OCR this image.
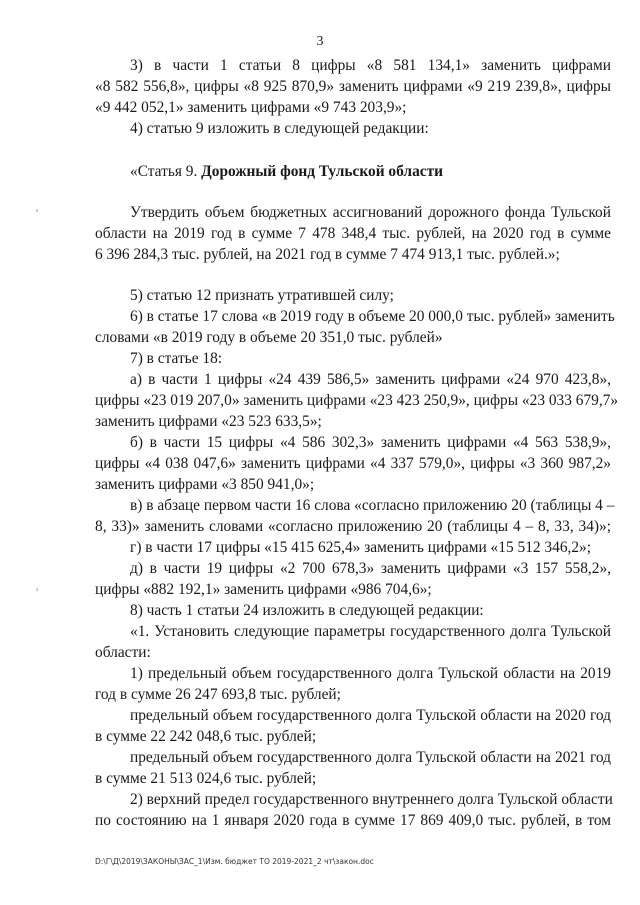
3
3) в части 1 статьи 8 цифры «8 581 134,1» заменить цифрами
«8 582 556,8», цифры «8 925 870,9» заменить цифрами «9 219 239,8», цифры
«9 442 052,1» заменить цифрами «9 743 203,9»;
4) статью 9 изложить в следующей редакции:
«Статья 9. Дорожный фонд Тульской области
Утвердить объем бюджетных ассигнований дорожного фонда Тульской
области на 2019 год в сумме 7 478 348,4 тыс. рублей, на 2020 год в сумме
6 396 284,3 тыс. рублей, на 2021 год в сумме 7 474 913,1 тыс. рублей.»;
5) статью 12 признать утратившей силу;
6) в статье 17 слова «в 2019 году в объеме 20 000,0 тыс. рублей» заменить
словами «в 2019 году в объеме 20 351,0 тыс. рублей»
7) в статье 18:
а) в части 1 цифры «24 439 586,5» заменить цифрами «24 970 423,8»,
цифры «23 019 207,0» заменить цифрами «23 423 250,9», цифры «23 033 679,7»
заменить цифрами «23 523 633,5»;
б) в части 15 цифры «4 586 302,3» заменить цифрами «4 563 538,9»,
цифры «4 038 047,6» заменить цифрами «4 337 579,0», цифры «3 360 987,2»
заменить цифрами «3 850 941,0»;
в) в абзаце первом части 16 слова «согласно приложению 20 (таблицы 4 –
8, 33)» заменить словами «согласно приложению 20 (таблицы 4 – 8, 33, 34)»;
г) в части 17 цифры «15 415 625,4» заменить цифрами «15 512 346,2»;
д) в части 19 цифры «2 700 678,3» заменить цифрами «3 157 558,2»,
цифры «882 192,1» заменить цифрами «986 704,6»;
8) часть 1 статьи 24 изложить в следующей редакции:
«1. Установить следующие параметры государственного долга Тульской
области:
1) предельный объем государственного долга Тульской области на 2019
год в сумме 26 247 693,8 тыс. рублей;
предельный объем государственного долга Тульской области на 2020 год
в сумме 22 242 048,6 тыс. рублей;
предельный объем государственного долга Тульской области на 2021 год
в сумме 21 513 024,6 тыс. рублей;
2) верхний предел государственного внутреннего долга Тульской области
по состоянию на 1 января 2020 года в сумме 17 869 409,0 тыс. рублей, в том
'
'
D:\Г\Д\2019\ЗАКОНЫ\ЗАС_1\Изм. бюджет ТО 2019-2021_2 чт\закон.doc
